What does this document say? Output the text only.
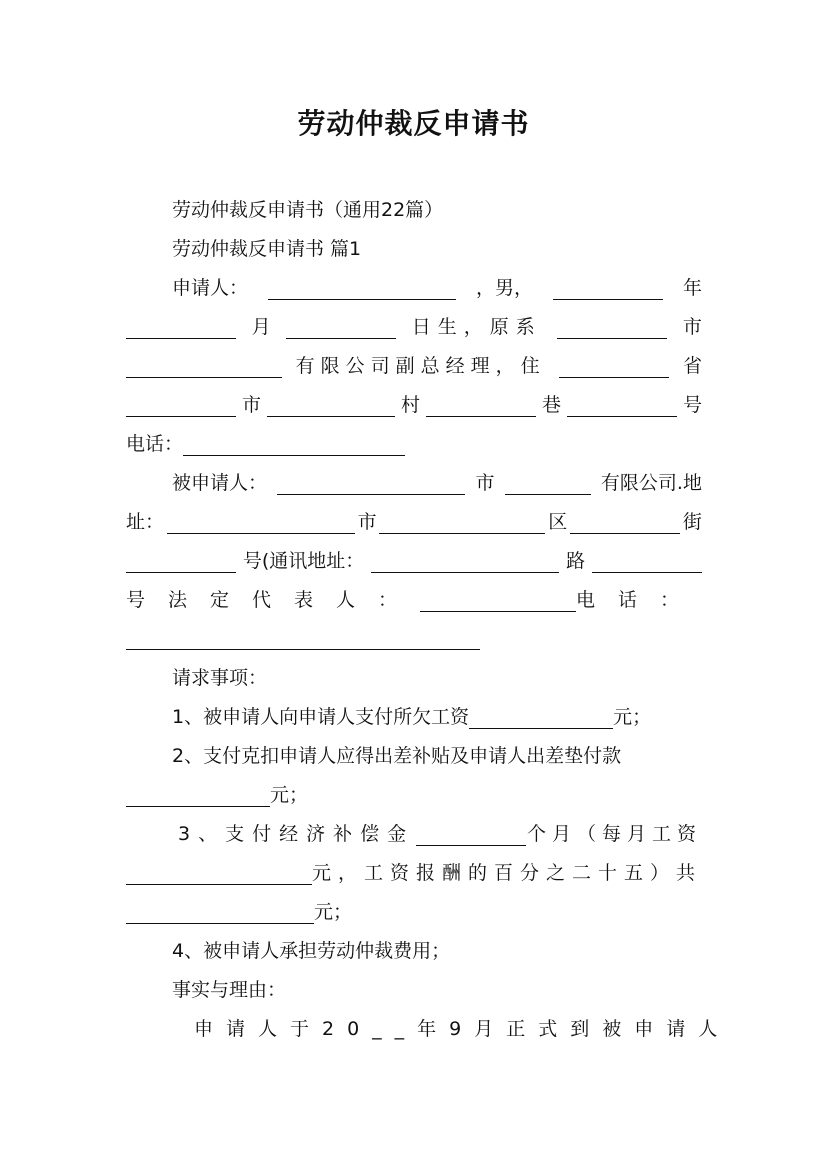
劳动仲裁反申请书
劳动仲裁反申请书（通用22篇）
劳动仲裁反申请书 篇1
申请人：	，男，	年
月	日生，原系	市
有限公司副总经理，住	省
市	村	巷	号
电话：
被申请人：	市	有限公司.地
址：	市	区	街
号(通讯地址：	路
号法定代表人：	电话：
请求事项：
1、被申请人向申请人支付所欠工资	元；
2、支付克扣申请人应得出差补贴及申请人出差垫付款
元；
3、支付经济补偿金	个月（每月工资
元，工资报酬的百分之二十五）共
元；
4、被申请人承担劳动仲裁费用；
事实与理由：
申请人于20__年9月正式到被申请人
